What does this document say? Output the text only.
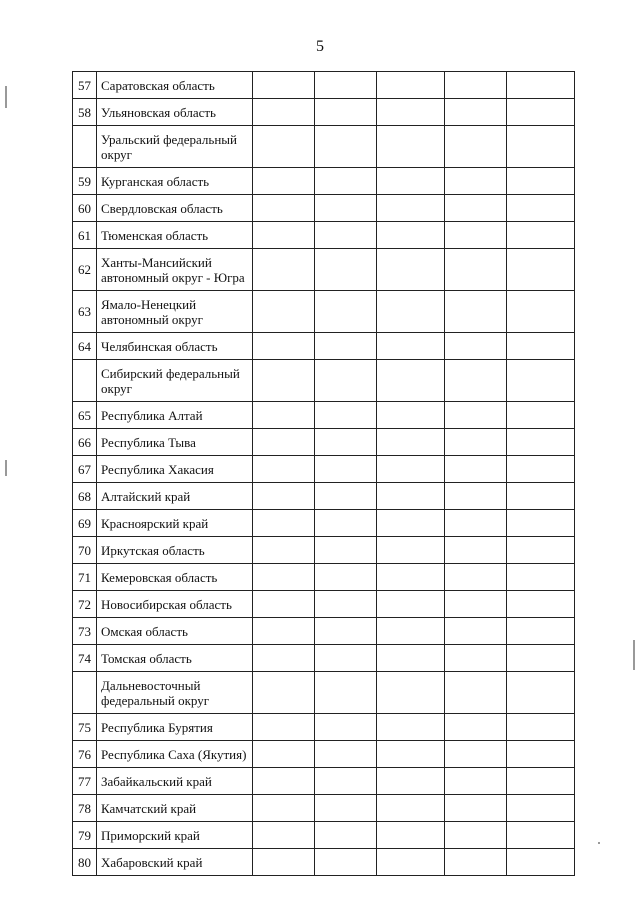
5
57	Саратовская область					
58	Ульяновская область					
	Уральский федеральный округ					
59	Курганская область					
60	Свердловская область					
61	Тюменская область					
62	Ханты-Мансийский автономный округ - Югра					
63	Ямало-Ненецкий автономный округ					
64	Челябинская область					
	Сибирский федеральный округ					
65	Республика Алтай					
66	Республика Тыва					
67	Республика Хакасия					
68	Алтайский край					
69	Красноярский край					
70	Иркутская область					
71	Кемеровская область					
72	Новосибирская область					
73	Омская область					
74	Томская область					
	Дальневосточный федеральный округ					
75	Республика Бурятия					
76	Республика Саха (Якутия)					
77	Забайкальский край					
78	Камчатский край					
79	Приморский край					
80	Хабаровский край					
